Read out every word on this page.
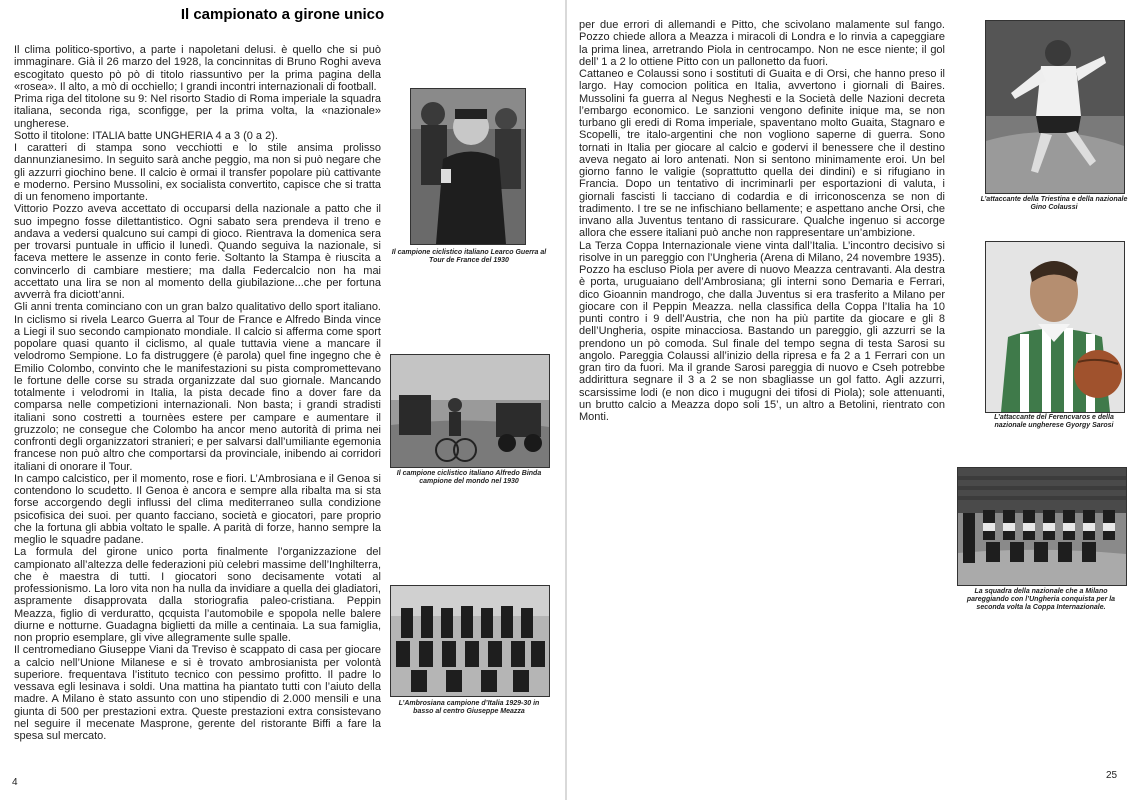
Il campionato a girone unico

Il clima politico-sportivo, a parte i napoletani delusi. è quello che si può immaginare. Già il 26 marzo del 1928, la concinnitas di Bruno Roghi aveva escogitato questo pò pò di titolo riassuntivo per la prima pagina della «rosea». Il alto, a mò di occhiello; I grandi incontri internazionali di football.

Prima riga del titolone su 9: Nel risorto Stadio di Roma imperiale la squadra italiana, seconda riga, sconfigge, per la prima volta, la «nazionale» ungherese.

Sotto il titolone: ITALIA batte UNGHERIA 4 a 3 (0 a 2).

I caratteri di stampa sono vecchiotti e lo stile ansima prolisso dannunzianesimo. In seguito sarà anche peggio, ma non si può negare che gli azzurri giochino bene. Il calcio è ormai il transfer popolare più cattivante e moderno. Persino Mussolini, ex socialista convertito, capisce che si tratta di un fenomeno importante.

Vittorio Pozzo aveva accettato di occuparsi della nazionale a patto che il suo impegno fosse dilettantistico. Ogni sabato sera prendeva il treno e andava a vedersi qualcuno sui campi di gioco. Rientrava la domenica sera per trovarsi puntuale in ufficio il lunedì. Quando seguiva la nazionale, si faceva mettere le assenze in conto ferie. Soltanto la Stampa è riuscita a convincerlo di cambiare mestiere; ma dalla Federcalcio non ha mai accettato una lira se non al momento della giubilazione...che per fortuna avverrà fra diciott’anni.

Gli anni trenta cominciano con un gran balzo qualitativo dello sport italiano. In ciclismo si rivela Learco Guerra al Tour de France e Alfredo Binda vince a Liegi il suo secondo campionato mondiale. Il calcio si afferma come sport popolare quasi quanto il ciclismo, al quale tuttavia viene a mancare il velodromo Sempione. Lo fa distruggere (è parola) quel fine ingegno che è Emilio Colombo, convinto che le manifestazioni su pista compromettevano le fortune delle corse su strada organizzate dal suo giornale. Mancando totalmente i velodromi in Italia, la pista decade fino a dover fare da comparsa nelle competizioni internazionali. Non basta; i grandi stradisti italiani sono costretti a tournèes estere per campare e aumentare il gruzzolo; ne consegue che Colombo ha ancor meno autorità di prima nei confronti degli organizzatori stranieri; e per salvarsi dall’umiliante egemonia francese non può altro che comportarsi da provinciale, inibendo ai corridori italiani di onorare il Tour.

In campo calcistico, per il momento, rose e fiori. L’Ambrosiana e il Genoa si contendono lo scudetto. Il Genoa è ancora e sempre alla ribalta ma si sta forse accorgendo degli influssi del clima mediterraneo sulla condizione psicofisica dei suoi. per quanto facciano, società e giocatori, pare proprio che la fortuna gli abbia voltato le spalle. A parità di forze, hanno sempre la meglio le squadre padane.

La formula del girone unico porta finalmente l’organizzazione del campionato all’altezza delle federazioni più celebri massime dell’Inghilterra, che è maestra di tutti. I giocatori sono decisamente votati al professionismo. La loro vita non ha nulla da invidiare a quella dei gladiatori, aspramente disapprovata dalla storiografia paleo-cristiana. Peppin Meazza, figlio di verduratto, qcquista l’automobile e spopola nelle balere diurne e notturne. Guadagna biglietti da mille a centinaia. La sua famiglia, non proprio esemplare, gli vive allegramente sulle spalle.

Il centromediano Giuseppe Viani da Treviso è scappato di casa per giocare a calcio nell’Unione Milanese e si è trovato ambrosianista per volontà superiore. frequentava l’istituto tecnico con pessimo profitto. Il padre lo vessava egli lesinava i soldi. Una mattina ha piantato tutti con l’aiuto della madre. A Milano è stato assunto con uno stipendio di 2.000 mensili e una giunta di 500 per prestazioni extra. Queste prestazioni extra consistevano nel seguire il mecenate Masprone, gerente del ristorante Biffi a fare la spesa sul mercato.

Il campione ciclistico italiano Learco Guerra al Tour de France del 1930
Il campione ciclistico italiano Alfredo Binda campione del mondo nel 1930
L’Ambrosiana campione d’Italia 1929-30 in basso al centro Giuseppe Meazza
4

per due errori di allemandi e Pitto, che scivolano malamente sul fango. Pozzo chiede allora a Meazza i miracoli di Londra e lo rinvia a capeggiare la prima linea, arretrando Piola in centrocampo. Non ne esce niente; il gol dell’ 1 a 2 lo ottiene Pitto con un pallonetto da fuori.

Cattaneo e Colaussi sono i sostituti di Guaita e di Orsi, che hanno preso il largo. Hay comocion politica en Italia, avvertono i giornali di Baires. Mussolini fa guerra al Negus Neghesti e la Società delle Nazioni decreta l’embargo economico. Le sanzioni vengono definite inique ma, se non turbano gli eredi di Roma imperiale, spaventano molto Guaita, Stagnaro e Scopelli, tre italo-argentini che non vogliono saperne di guerra. Sono tornati in Italia per giocare al calcio e godervi il benessere che il destino aveva negato ai loro antenati. Non si sentono minimamente eroi. Un bel giorno fanno le valigie (soprattutto quella dei dindini) e si rifugiano in Francia. Dopo un tentativo di incriminarli per esportazioni di valuta, i giornali fascisti li tacciano di codardia e di irriconoscenza se non di tradimento. I tre se ne infischiano bellamente; e aspettano anche Orsi, che invano alla Juventus tentano di rassicurare. Qualche ingenuo si accorge allora che essere italiani può anche non rappresentare un’ambizione.

La Terza Coppa Internazionale viene vinta dall’Italia. L’incontro decisivo si risolve in un pareggio con l’Ungheria (Arena di Milano, 24 novembre 1935). Pozzo ha escluso Piola per avere di nuovo Meazza centravanti. Ala destra è porta, uruguaiano dell’Ambrosiana; gli interni sono Demaria e Ferrari, dico Gioannin mandrogo, che dalla Juventus si era trasferito a Milano per giocare con il Peppin Meazza. nella classifica della Coppa l’Italia ha 10 punti contro i 9 dell’Austria, che non ha più partite da giocare e gli 8 dell’Ungheria, ospite minacciosa. Bastando un pareggio, gli azzurri se la prendono un pò comoda. Sul finale del tempo segna di testa Sarosi su angolo. Pareggia Colaussi all’inizio della ripresa e fa 2 a 1 Ferrari con un gran tiro da fuori. Ma il grande Sarosi pareggia di nuovo e Cseh potrebbe addirittura segnare il 3 a 2 se non sbagliasse un gol fatto. Agli azzurri, scarsissime lodi (e non dico i mugugni dei tifosi di Piola); sole attenuanti, un brutto calcio a Meazza dopo soli 15’, un altro a Betolini, rientrato con Monti.

L’attaccante della Triestina e della nazionale Gino Colaussi
L’attaccante del Ferencvaros e della nazionale ungherese Gyorgy Sarosi
La squadra della nazionale che a Milano pareggiando con l’Ungheria conquista per la seconda volta la Coppa Internazionale.
25
